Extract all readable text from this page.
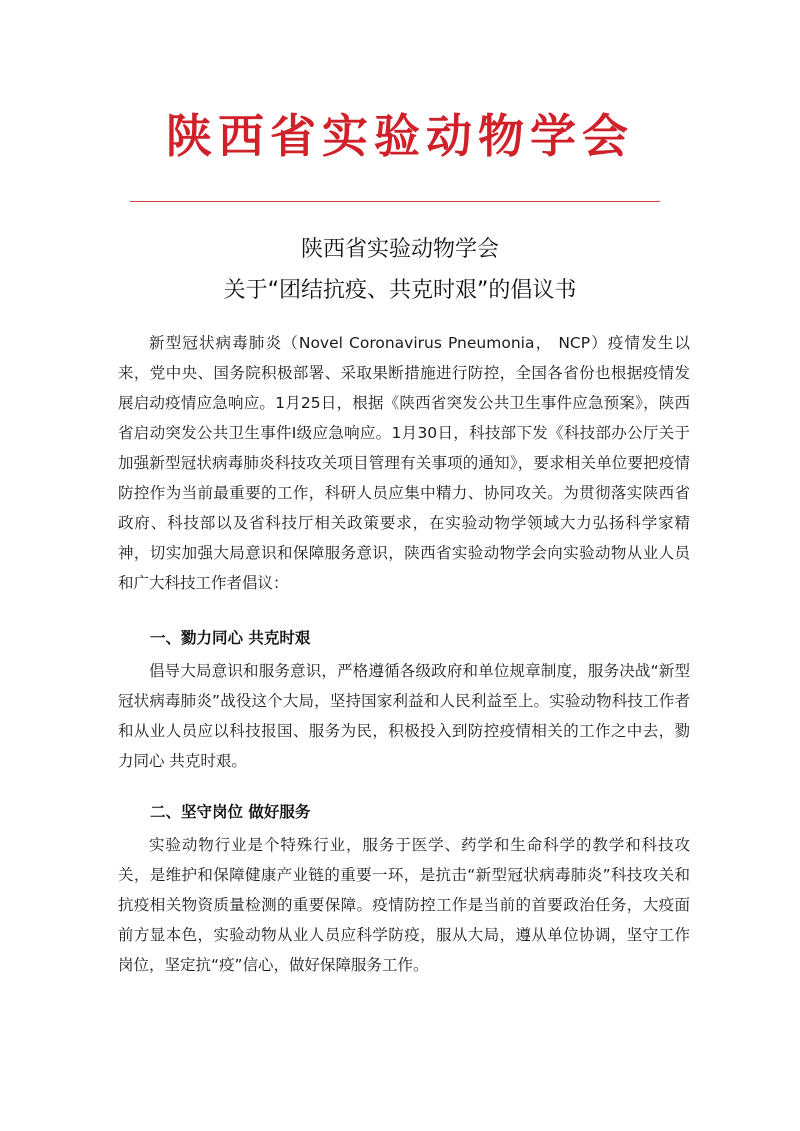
陕西省实验动物学会
陕西省实验动物学会
关于“团结抗疫、共克时艰”的倡议书

新型冠状病毒肺炎（Novel Coronavirus Pneumonia， NCP）疫情发生以来，党中央、国务院积极部署、采取果断措施进行防控，全国各省份也根据疫情发展启动疫情应急响应。1月25日，根据《陕西省突发公共卫生事件应急预案》，陕西省启动突发公共卫生事件Ⅰ级应急响应。1月30日，科技部下发《科技部办公厅关于加强新型冠状病毒肺炎科技攻关项目管理有关事项的通知》，要求相关单位要把疫情防控作为当前最重要的工作，科研人员应集中精力、协同攻关。为贯彻落实陕西省政府、科技部以及省科技厅相关政策要求，在实验动物学领域大力弘扬科学家精神，切实加强大局意识和保障服务意识，陕西省实验动物学会向实验动物从业人员和广大科技工作者倡议：

一、勠力同心 共克时艰

倡导大局意识和服务意识，严格遵循各级政府和单位规章制度，服务决战“新型冠状病毒肺炎”战役这个大局，坚持国家利益和人民利益至上。实验动物科技工作者和从业人员应以科技报国、服务为民，积极投入到防控疫情相关的工作之中去，勠力同心 共克时艰。

二、坚守岗位 做好服务

实验动物行业是个特殊行业，服务于医学、药学和生命科学的教学和科技攻关，是维护和保障健康产业链的重要一环，是抗击“新型冠状病毒肺炎”科技攻关和抗疫相关物资质量检测的重要保障。疫情防控工作是当前的首要政治任务，大疫面前方显本色，实验动物从业人员应科学防疫，服从大局，遵从单位协调，坚守工作岗位，坚定抗“疫”信心，做好保障服务工作。
